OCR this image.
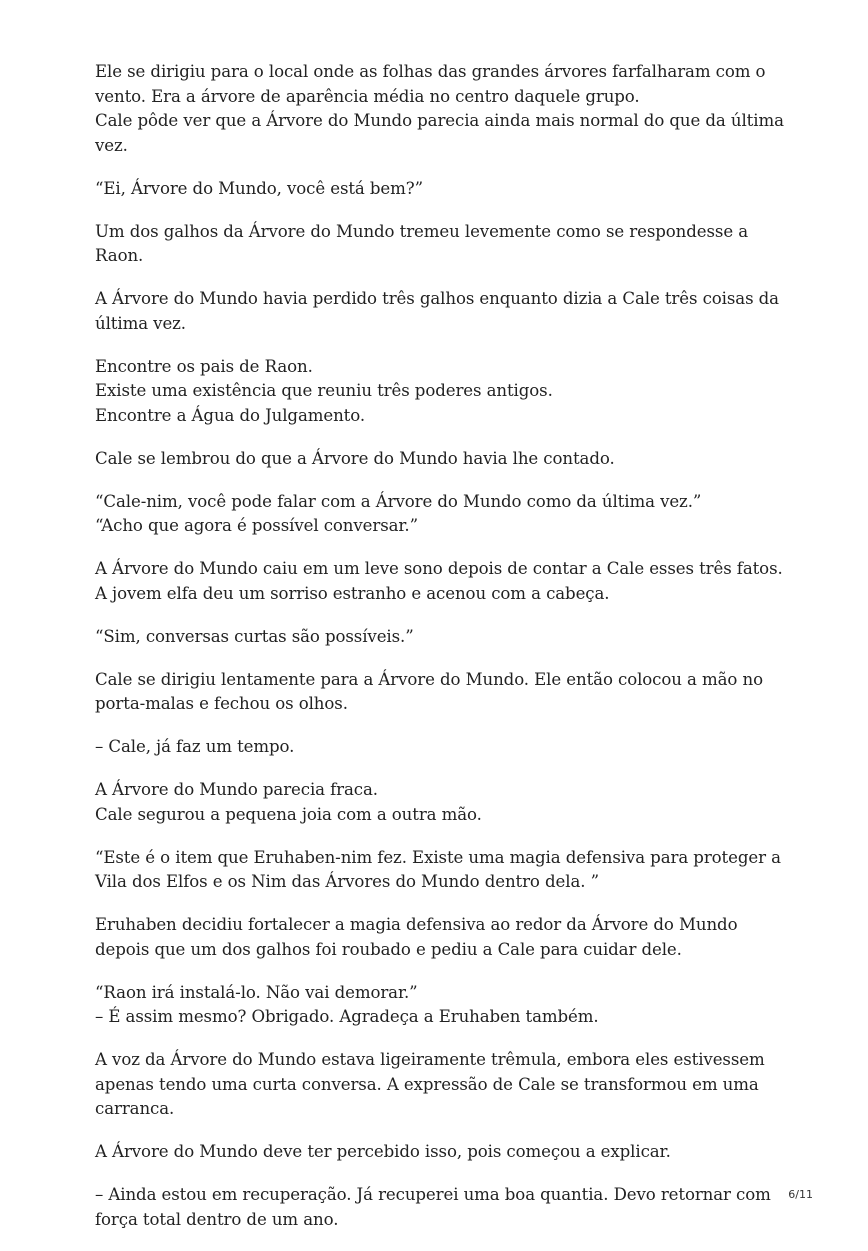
Ele se dirigiu para o local onde as folhas das grandes árvores farfalharam com o vento. Era a árvore de aparência média no centro daquele grupo.
Cale pôde ver que a Árvore do Mundo parecia ainda mais normal do que da última vez.

“Ei, Árvore do Mundo, você está bem?”

Um dos galhos da Árvore do Mundo tremeu levemente como se respondesse a Raon.

A Árvore do Mundo havia perdido três galhos enquanto dizia a Cale três coisas da última vez.

Encontre os pais de Raon.
Existe uma existência que reuniu três poderes antigos.
Encontre a Água do Julgamento.

Cale se lembrou do que a Árvore do Mundo havia lhe contado.

“Cale-nim, você pode falar com a Árvore do Mundo como da última vez.”
“Acho que agora é possível conversar.”

A Árvore do Mundo caiu em um leve sono depois de contar a Cale esses três fatos. A jovem elfa deu um sorriso estranho e acenou com a cabeça.

“Sim, conversas curtas são possíveis.”

Cale se dirigiu lentamente para a Árvore do Mundo. Ele então colocou a mão no porta-malas e fechou os olhos.

– Cale, já faz um tempo.

A Árvore do Mundo parecia fraca.
Cale segurou a pequena joia com a outra mão.

“Este é o item que Eruhaben-nim fez. Existe uma magia defensiva para proteger a Vila dos Elfos e os Nim das Árvores do Mundo dentro dela. ”

Eruhaben decidiu fortalecer a magia defensiva ao redor da Árvore do Mundo depois que um dos galhos foi roubado e pediu a Cale para cuidar dele.

“Raon irá instalá-lo. Não vai demorar.”
– É assim mesmo? Obrigado. Agradeça a Eruhaben também.

A voz da Árvore do Mundo estava ligeiramente trêmula, embora eles estivessem apenas tendo uma curta conversa. A expressão de Cale se transformou em uma carranca.

A Árvore do Mundo deve ter percebido isso, pois começou a explicar.

– Ainda estou em recuperação. Já recuperei uma boa quantia. Devo retornar com força total dentro de um ano.

6/11
